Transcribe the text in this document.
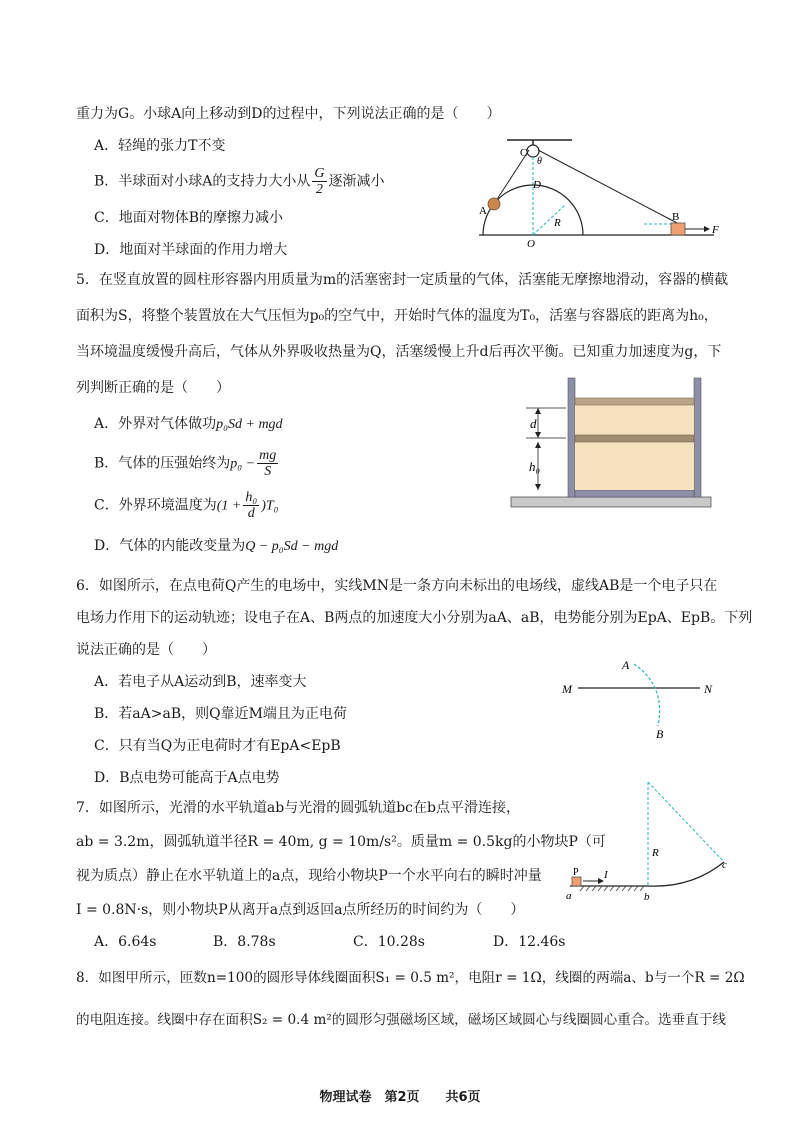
重力为G。小球A向上移动到D的过程中，下列说法正确的是（　　）
A．轻绳的张力T不变
B．半球面对小球A的支持力大小从 $\frac{G}{2}$ 逐渐减小
C．地面对物体B的摩擦力减小
D．地面对半球面的作用力增大
C
θ
D
A
R
O
B
F
5．在竖直放置的圆柱形容器内用质量为m的活塞密封一定质量的气体，活塞能无摩擦地滑动，容器的横截
面积为S，将整个装置放在大气压恒为p₀的空气中，开始时气体的温度为T₀，活塞与容器底的距离为h₀，
当环境温度缓慢升高后，气体从外界吸收热量为Q，活塞缓慢上升d后再次平衡。已知重力加速度为g，下
列判断正确的是（　　）
A．外界对气体做功p₀Sd + mgd
B．气体的压强始终为$p_0 - \frac{mg}{S}$
C．外界环境温度为$(1 + \frac{\text{h₀}}{d} )T_0$
D．气体的内能改变量为Q − p₀Sd − mgd
d
h₀
6．如图所示，在点电荷Q产生的电场中，实线MN是一条方向未标出的电场线，虚线AB是一个电子只在
电场力作用下的运动轨迹；设电子在A、B两点的加速度大小分别为aA、aB，电势能分别为EpA、EpB。下列
说法正确的是（　　）
A．若电子从A运动到B，速率变大
B．若aA>aB，则Q靠近M端且为正电荷
C．只有当Q为正电荷时才有EpA<EpB
D．B点电势可能高于A点电势
A
M	N
B
7．如图所示，光滑的水平轨道ab与光滑的圆弧轨道bc在b点平滑连接，
ab = 3.2m，圆弧轨道半径R = 40m, g = 10m/s²。质量m = 0.5kg的小物块P（可
视为质点）静止在水平轨道上的a点，现给小物块P一个水平向右的瞬时冲量
I = 0.8N·s，则小物块P从离开a点到返回a点所经历的时间约为（　　）
A．6.64s	B．8.78s	C．10.28s	D．12.46s
R
P I
a	b
c
8．如图甲所示，匝数n=100的圆形导体线圈面积S₁ = 0.5 m²，电阻r = 1Ω，线圈的两端a、b与一个R = 2Ω
的电阻连接。线圈中存在面积S₂ = 0.4 m²的圆形匀强磁场区域，磁场区域圆心与线圈圆心重合。选垂直于线
物理试卷　第2页　　共6页
